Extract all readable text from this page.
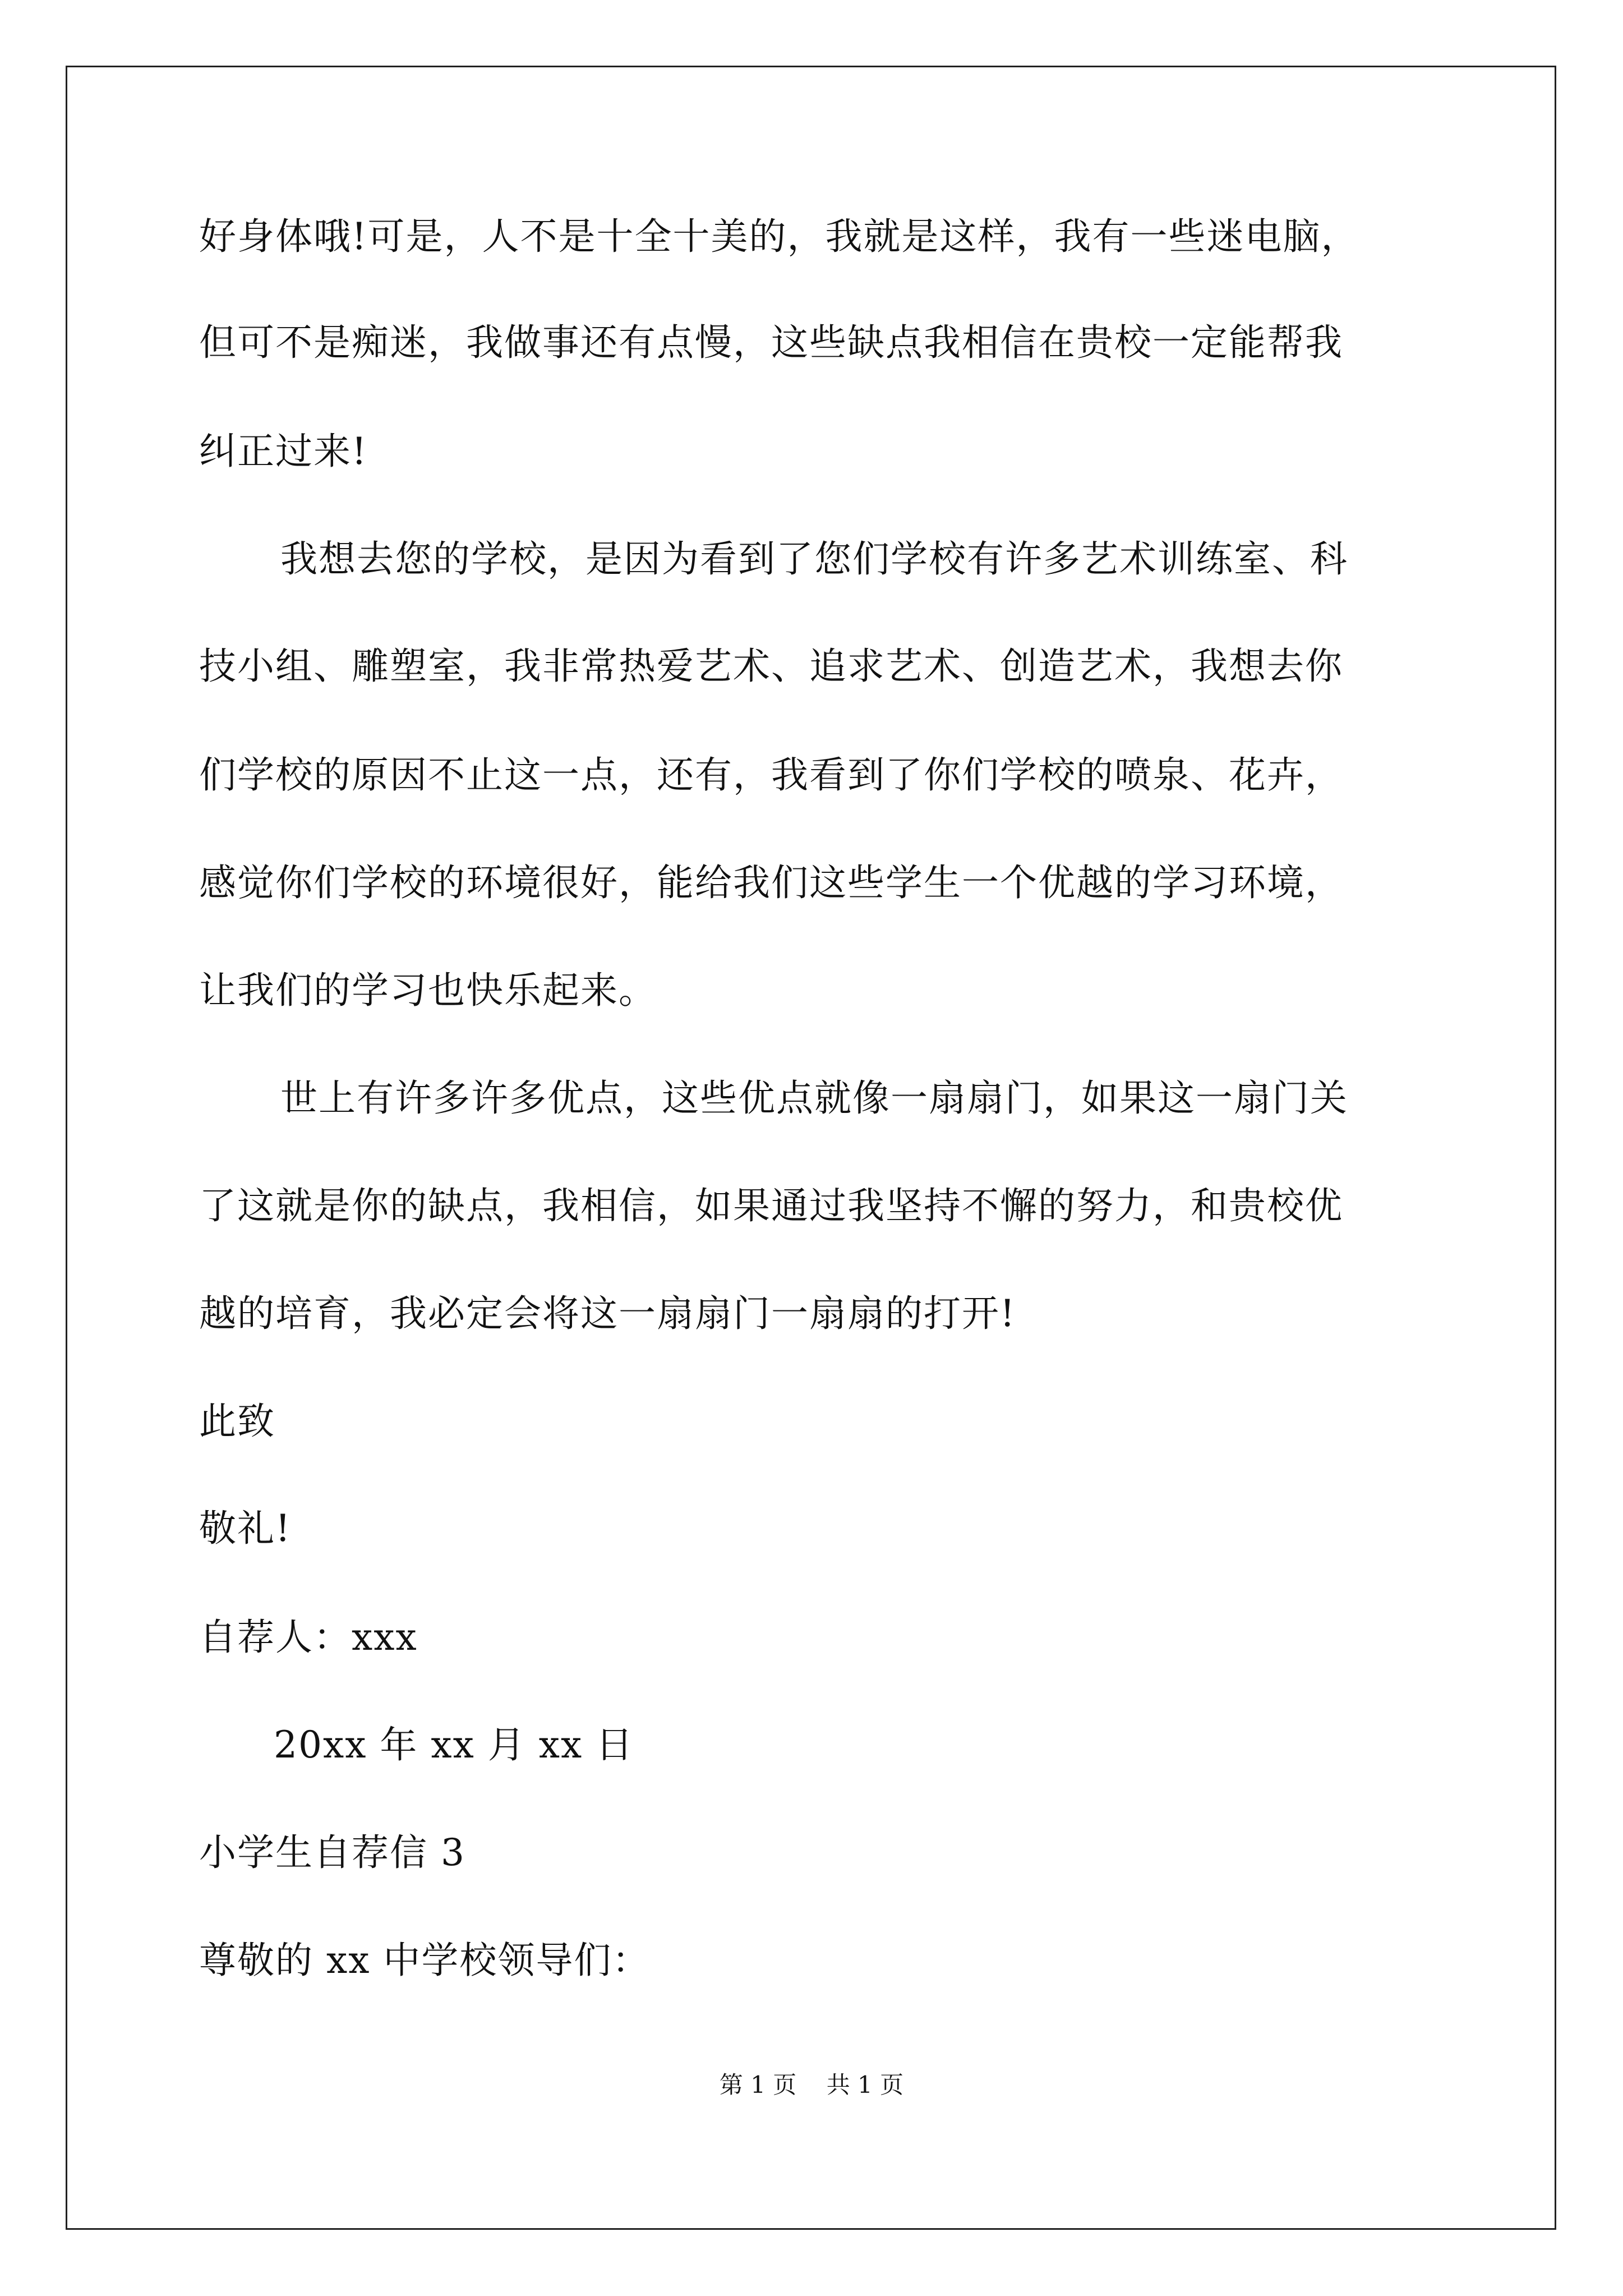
好身体哦!可是，人不是十全十美的，我就是这样，我有一些迷电脑，
但可不是痴迷，我做事还有点慢，这些缺点我相信在贵校一定能帮我
纠正过来!
我想去您的学校，是因为看到了您们学校有许多艺术训练室、科
技小组、雕塑室，我非常热爱艺术、追求艺术、创造艺术，我想去你
们学校的原因不止这一点，还有，我看到了你们学校的喷泉、花卉，
感觉你们学校的环境很好，能给我们这些学生一个优越的学习环境，
让我们的学习也快乐起来。
世上有许多许多优点，这些优点就像一扇扇门，如果这一扇门关
了这就是你的缺点，我相信，如果通过我坚持不懈的努力，和贵校优
越的培育，我必定会将这一扇扇门一扇扇的打开!
此致
敬礼!
自荐人：xxx
20xx 年 xx 月 xx 日
小学生自荐信 3
尊敬的 xx 中学校领导们：
第 1 页    共 1 页
